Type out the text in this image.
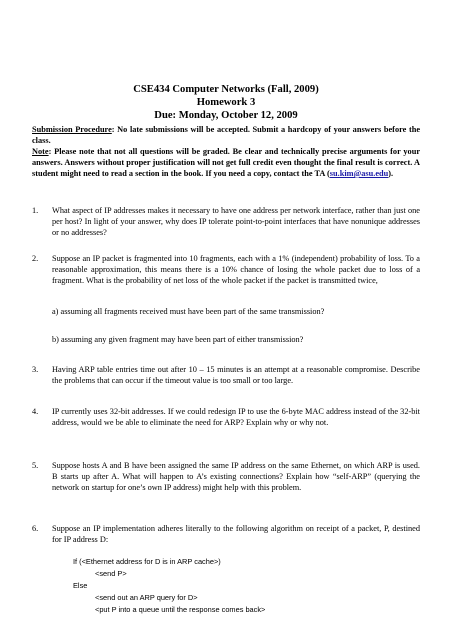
CSE434 Computer Networks (Fall, 2009)
Homework 3
Due: Monday, October 12, 2009
Submission Procedure: No late submissions will be accepted. Submit a hardcopy of your answers before the class.
Note: Please note that not all questions will be graded. Be clear and technically precise arguments for your answers. Answers without proper justification will not get full credit even thought the final result is correct. A student might need to read a section in the book. If you need a copy, contact the TA (su.kim@asu.edu).
1. What aspect of IP addresses makes it necessary to have one address per network interface, rather than just one per host? In light of your answer, why does IP tolerate point-to-point interfaces that have nonunique addresses or no addresses?
2. Suppose an IP packet is fragmented into 10 fragments, each with a 1% (independent) probability of loss. To a reasonable approximation, this means there is a 10% chance of losing the whole packet due to loss of a fragment. What is the probability of net loss of the whole packet if the packet is transmitted twice,
a) assuming all fragments received must have been part of the same transmission?
b) assuming any given fragment may have been part of either transmission?
3. Having ARP table entries time out after 10 – 15 minutes is an attempt at a reasonable compromise. Describe the problems that can occur if the timeout value is too small or too large.
4. IP currently uses 32-bit addresses. If we could redesign IP to use the 6-byte MAC address instead of the 32-bit address, would we be able to eliminate the need for ARP? Explain why or why not.
5. Suppose hosts A and B have been assigned the same IP address on the same Ethernet, on which ARP is used. B starts up after A. What will happen to A’s existing connections? Explain how “self-ARP” (querying the network on startup for one’s own IP address) might help with this problem.
6. Suppose an IP implementation adheres literally to the following algorithm on receipt of a packet, P, destined for IP address D:
If (<Ethernet address for D is in ARP cache>)
<send P>
Else
<send out an ARP query for D>
<put P into a queue until the response comes back>
